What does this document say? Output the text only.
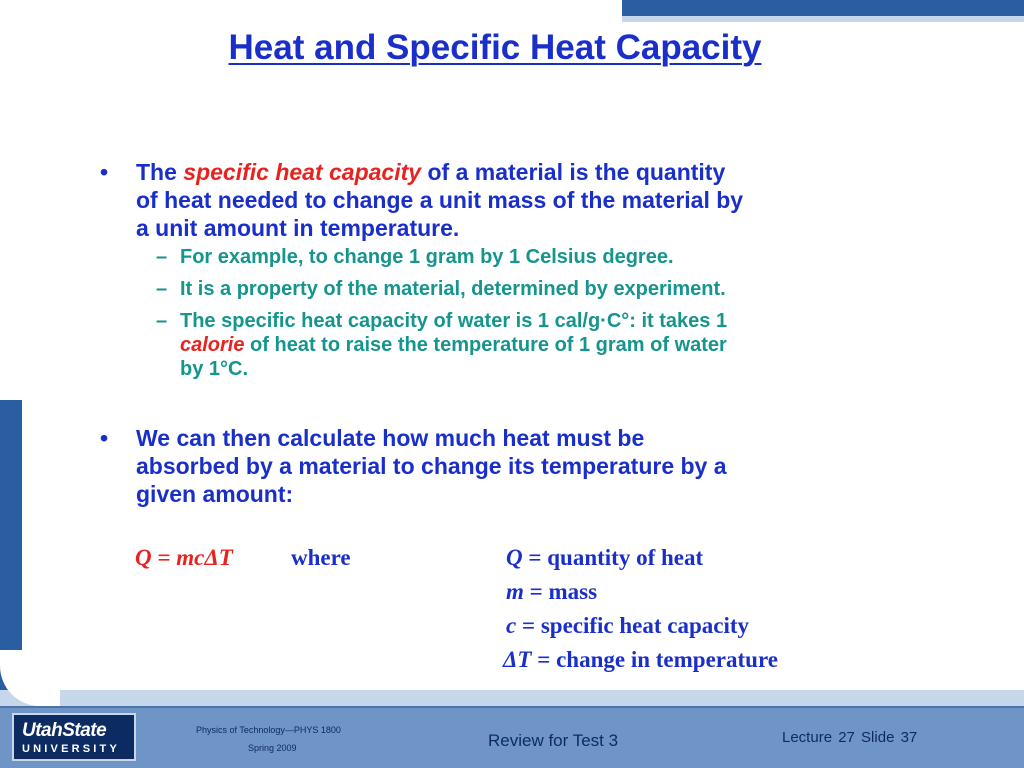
Heat and Specific Heat Capacity
• The specific heat capacity of a material is the quantity
of heat needed to change a unit mass of the material by
a unit amount in temperature.
– For example, to change 1 gram by 1 Celsius degree.
– It is a property of the material, determined by experiment.
– The specific heat capacity of water is 1 cal/g·C°: it takes 1
calorie of heat to raise the temperature of 1 gram of water
by 1°C.
• We can then calculate how much heat must be
absorbed by a material to change its temperature by a
given amount:
Q = mcΔT	where	Q = quantity of heat
m = mass
c = specific heat capacity
ΔT = change in temperature
UtahState
UNIVERSITY
Physics of Technology—PHYS 1800
Spring 2009	Review for Test 3	Lecture 27 Slide 37
